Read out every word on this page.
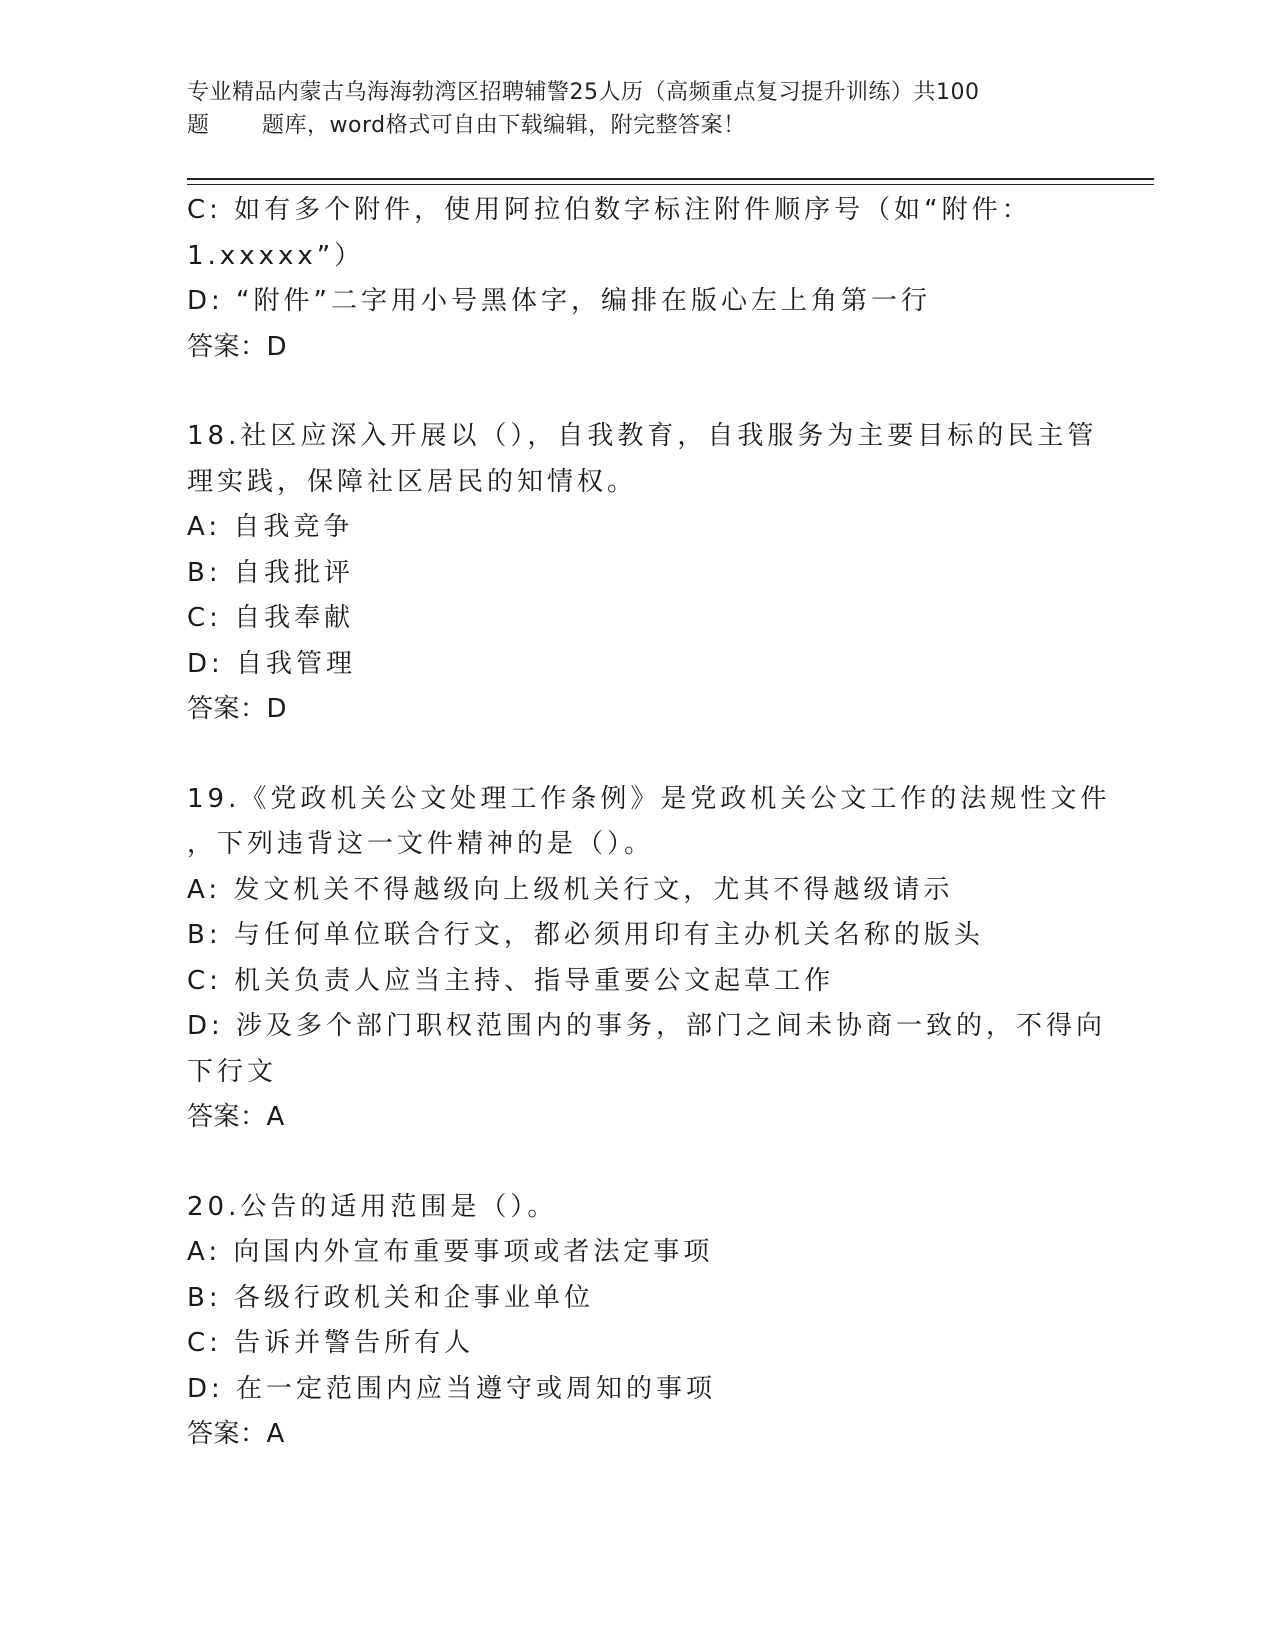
专业精品内蒙古乌海海勃湾区招聘辅警25人历（高频重点复习提升训练）共100
题 题库，word格式可自由下载编辑，附完整答案！
C: 如有多个附件，使用阿拉伯数字标注附件顺序号（如“附件：
1.xxxxx”）
D: “附件”二字用小号黑体字，编排在版心左上角第一行
答案：D
18.社区应深入开展以（），自我教育，自我服务为主要目标的民主管
理实践，保障社区居民的知情权。
A: 自我竞争
B: 自我批评
C: 自我奉献
D: 自我管理
答案：D
19.《党政机关公文处理工作条例》是党政机关公文工作的法规性文件
，下列违背这一文件精神的是（）。
A: 发文机关不得越级向上级机关行文，尤其不得越级请示
B: 与任何单位联合行文，都必须用印有主办机关名称的版头
C: 机关负责人应当主持、指导重要公文起草工作
D: 涉及多个部门职权范围内的事务，部门之间未协商一致的，不得向
下行文
答案：A
20.公告的适用范围是（）。
A: 向国内外宣布重要事项或者法定事项
B: 各级行政机关和企事业单位
C: 告诉并警告所有人
D: 在一定范围内应当遵守或周知的事项
答案：A
